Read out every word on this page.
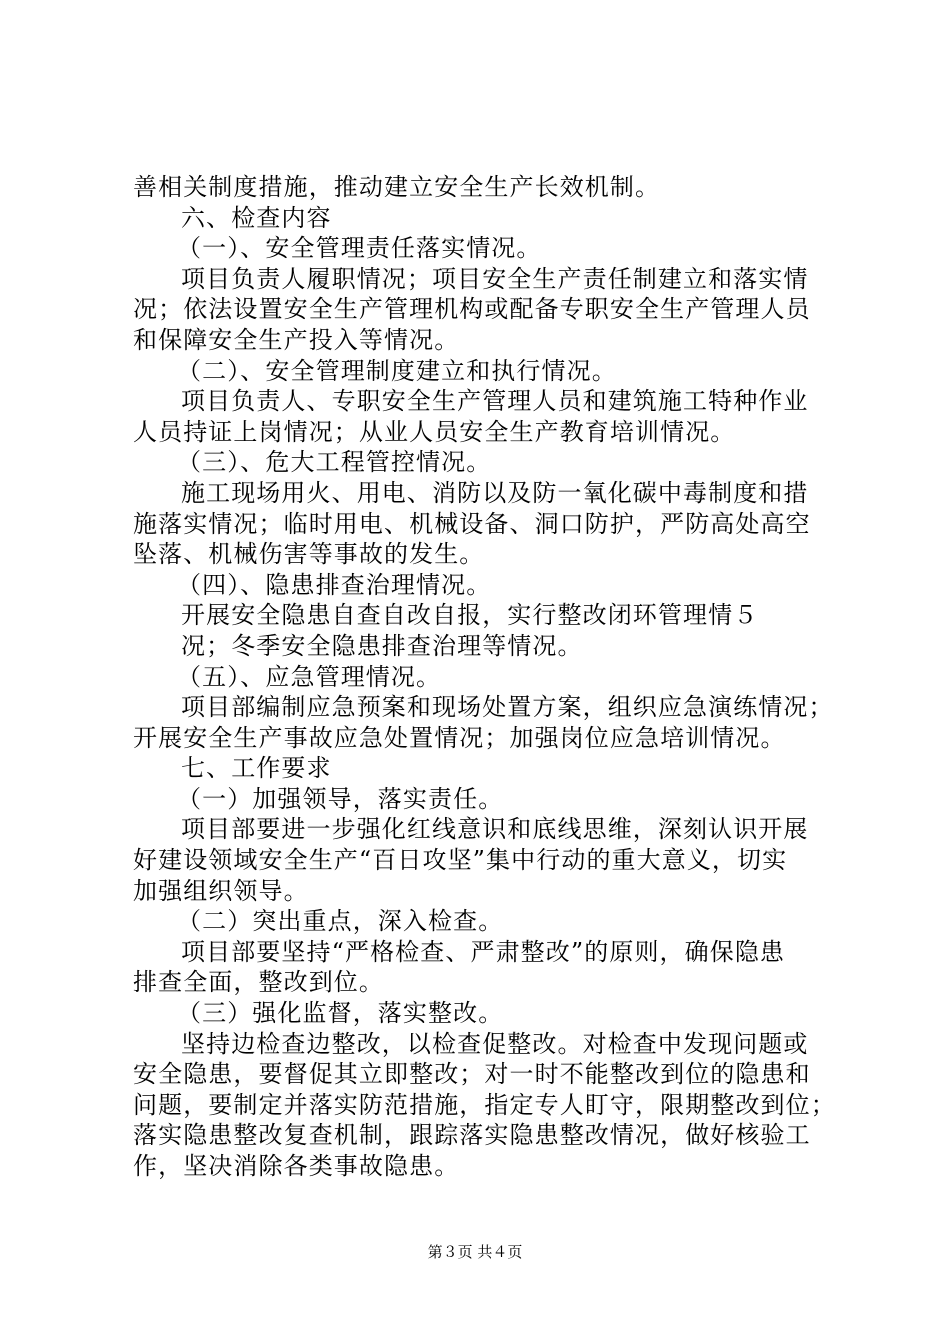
善相关制度措施，推动建立安全生产长效机制。
六、检查内容
（一）、安全管理责任落实情况。
项目负责人履职情况；项目安全生产责任制建立和落实情
况；依法设置安全生产管理机构或配备专职安全生产管理人员
和保障安全生产投入等情况。
（二）、安全管理制度建立和执行情况。
项目负责人、专职安全生产管理人员和建筑施工特种作业
人员持证上岗情况；从业人员安全生产教育培训情况。
（三）、危大工程管控情况。
施工现场用火、用电、消防以及防一氧化碳中毒制度和措
施落实情况；临时用电、机械设备、洞口防护，严防高处高空
坠落、机械伤害等事故的发生。
（四）、隐患排查治理情况。
开展安全隐患自查自改自报，实行整改闭环管理情５
况；冬季安全隐患排查治理等情况。
（五）、应急管理情况。
项目部编制应急预案和现场处置方案，组织应急演练情况；
开展安全生产事故应急处置情况；加强岗位应急培训情况。
七、工作要求
（一）加强领导，落实责任。
项目部要进一步强化红线意识和底线思维，深刻认识开展
好建设领域安全生产“百日攻坚”集中行动的重大意义，切实
加强组织领导。
（二）突出重点，深入检查。
项目部要坚持“严格检查、严肃整改”的原则，确保隐患
排查全面，整改到位。
（三）强化监督，落实整改。
坚持边检查边整改，以检查促整改。对检查中发现问题或
安全隐患，要督促其立即整改；对一时不能整改到位的隐患和
问题，要制定并落实防范措施，指定专人盯守，限期整改到位；
落实隐患整改复查机制，跟踪落实隐患整改情况，做好核验工
作，坚决消除各类事故隐患。
第３页 共４页
